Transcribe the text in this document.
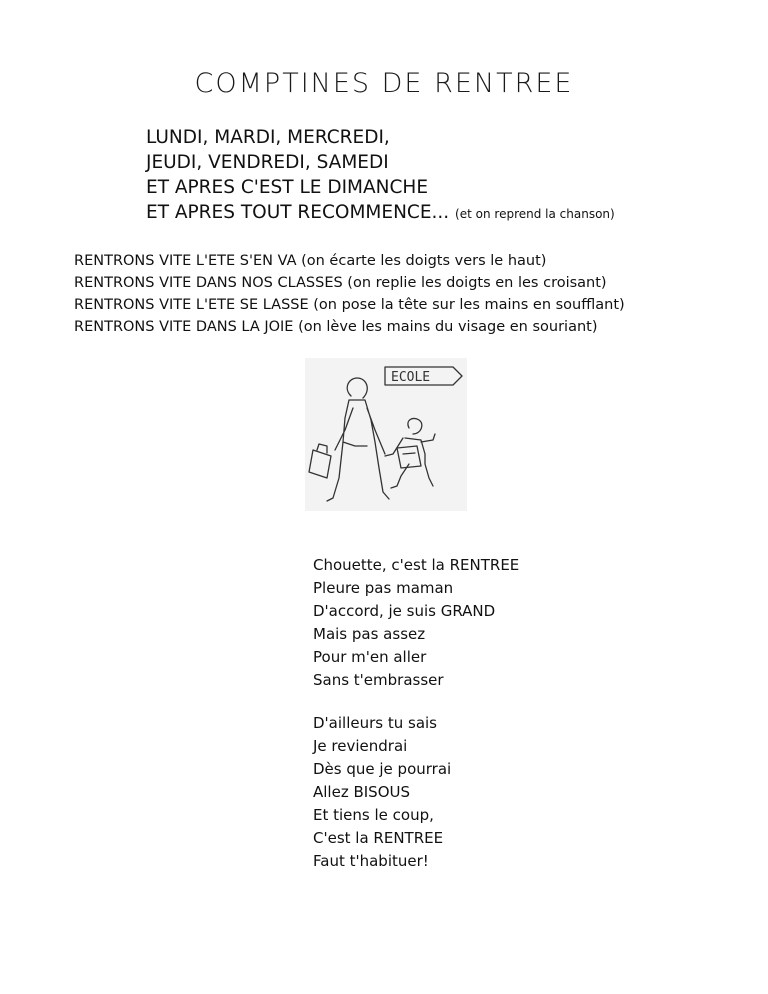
COMPTINES DE RENTREE
LUNDI, MARDI, MERCREDI,
JEUDI, VENDREDI, SAMEDI
ET APRES C'EST LE DIMANCHE
ET APRES TOUT RECOMMENCE... (et on reprend la chanson)
RENTRONS VITE L'ETE S'EN VA (on écarte les doigts vers le haut)
RENTRONS VITE DANS NOS CLASSES (on replie les doigts en les croisant)
RENTRONS VITE L'ETE SE LASSE (on pose la tête sur les mains en soufflant)
RENTRONS VITE DANS LA JOIE (on lève les mains du visage en souriant)
ECOLE
Chouette, c'est la RENTREE
Pleure pas maman
D'accord, je suis GRAND
Mais pas assez
Pour m'en aller
Sans t'embrasser
D'ailleurs tu sais
Je reviendrai
Dès que je pourrai
Allez BISOUS
Et tiens le coup,
C'est la RENTREE
Faut t'habituer!
